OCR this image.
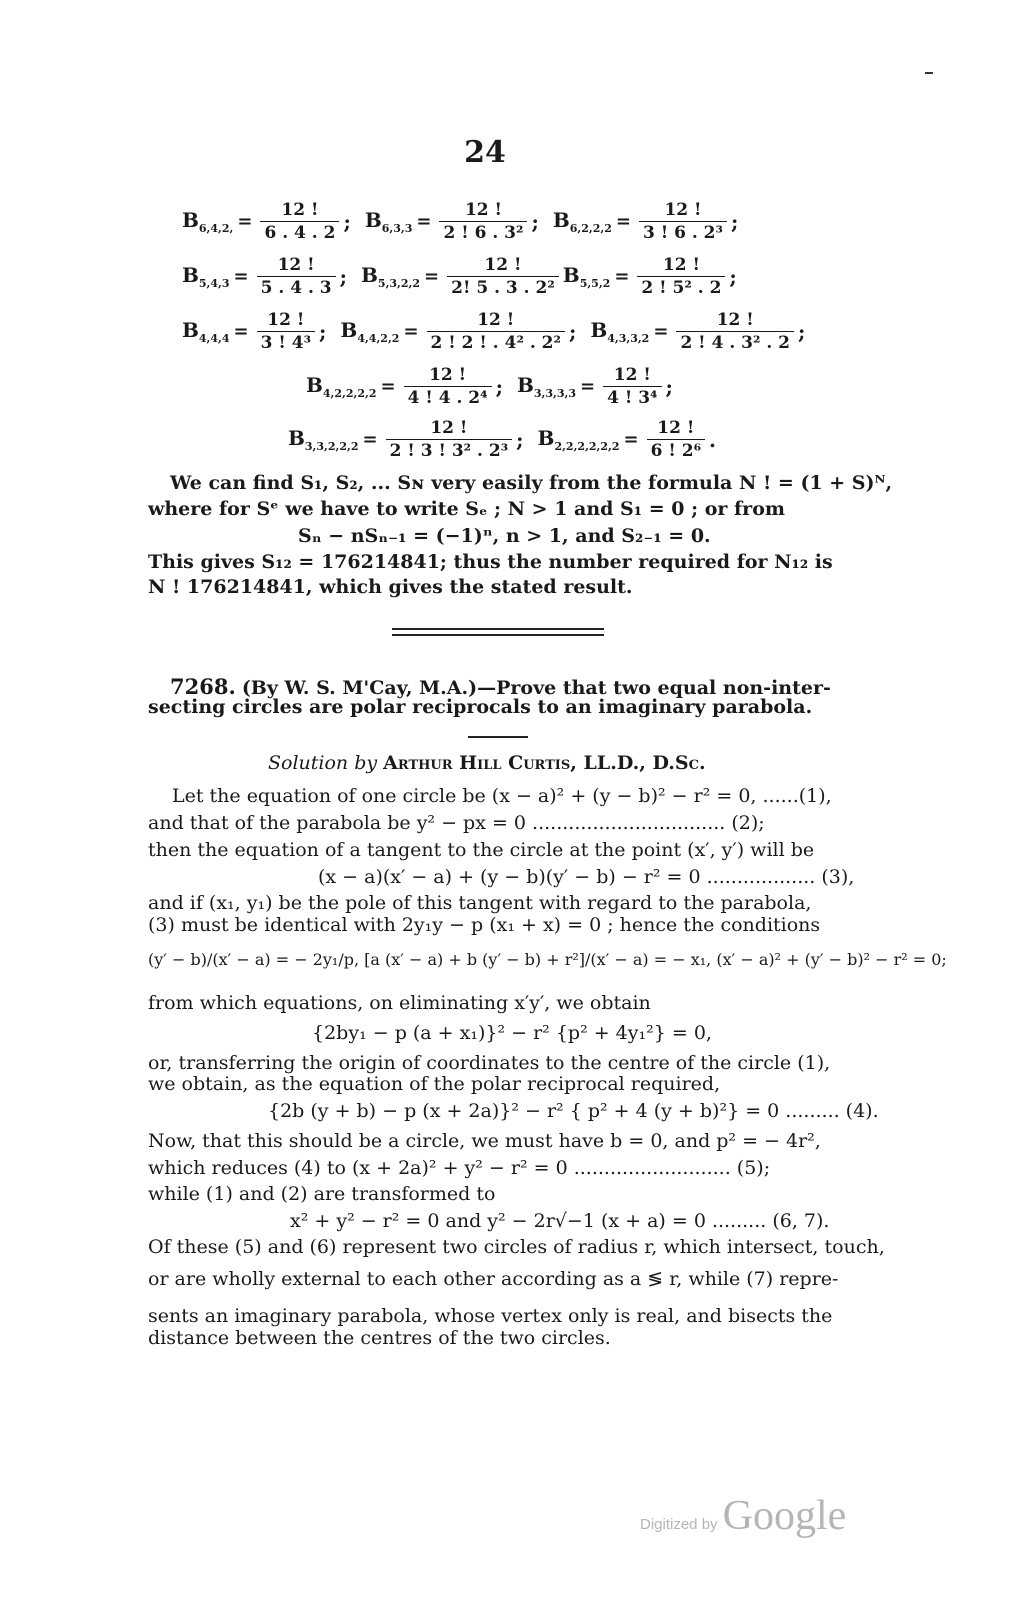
24
$B_{6,4,2,} = \frac{12 !}{6 . 4 . 2}$ ; $B_{6,3,3} = \frac{12 !}{\text{2 ! 6 . 3²}}$ ; $B_{6,2,2,2} = \frac{12 !}{\text{3 ! 6 . 2³}}$ ;
$B_{5,4,3} = \frac{12 !}{5 . 4 . 3}$ ; $B_{5,3,2,2} = \frac{12 !}{\text{2! 5 . 3 . 2²}} B_{5,5,2} = \frac{12 !}{\text{2 ! 5² . 2}}$ ;
$B_{4,4,4} = \frac{12 !}{\text{3 ! 4³}}$ ; $B_{4,4,2,2} = \frac{12 !}{\text{2 ! 2 ! . 4² . 2²}}$ ; $B_{4,3,3,2} = \frac{12 !}{\text{2 ! 4 . 3² . 2}}$ ;
$B_{4,2,2,2,2} = \frac{12 !}{\text{4 ! 4 . 2⁴}}$ ; $B_{3,3,3,3} = \frac{12 !}{\text{4 ! 3⁴}}$ ;
$B_{3,3,2,2,2} = \frac{12 !}{\text{2 ! 3 ! 3² . 2³}}$ ; $B_{2,2,2,2,2,2} = \frac{12 !}{\text{6 ! 2⁶}}$ .
We can find S₁, S₂, ... Sɴ very easily from the formula N ! = (1 + S)ᴺ,
where for Sᵉ we have to write Sₑ ; N > 1 and S₁ = 0 ; or from
Sₙ − nSₙ₋₁ = (−1)ⁿ, n > 1, and S₂₋₁ = 0.
This gives S₁₂ = 176214841; thus the number required for N₁₂ is
N ! 176214841, which gives the stated result.
7268. (By W. S. M'Cay, M.A.)—Prove that two equal non-inter-
secting circles are polar reciprocals to an imaginary parabola.
Solution by Arthur Hill Curtis, LL.D., D.Sc.
Let the equation of one circle be (x − a)² + (y − b)² − r² = 0, ......(1),
and that of the parabola be y² − px = 0 ................................ (2);
then the equation of a tangent to the circle at the point (x′, y′) will be
(x − a)(x′ − a) + (y − b)(y′ − b) − r² = 0 .................. (3),
and if (x₁, y₁) be the pole of this tangent with regard to the parabola,
(3) must be identical with 2y₁y − p (x₁ + x) = 0 ; hence the conditions
(y′ − b)/(x′ − a) = − 2y₁/p, [a (x′ − a) + b (y′ − b) + r²]/(x′ − a) = − x₁, (x′ − a)² + (y′ − b)² − r² = 0;
from which equations, on eliminating x′y′, we obtain
{2by₁ − p (a + x₁)}² − r² {p² + 4y₁²} = 0,
or, transferring the origin of coordinates to the centre of the circle (1),
we obtain, as the equation of the polar reciprocal required,
{2b (y + b) − p (x + 2a)}² − r² { p² + 4 (y + b)²} = 0 ......... (4).
Now, that this should be a circle, we must have b = 0, and p² = − 4r²,
which reduces (4) to (x + 2a)² + y² − r² = 0 .......................... (5);
while (1) and (2) are transformed to
x² + y² − r² = 0 and y² − 2r√−1 (x + a) = 0 ......... (6, 7).
Of these (5) and (6) represent two circles of radius r, which intersect, touch,
or are wholly external to each other according as a ≶ r, while (7) repre-
sents an imaginary parabola, whose vertex only is real, and bisects the
distance between the centres of the two circles.
Digitized by Google
